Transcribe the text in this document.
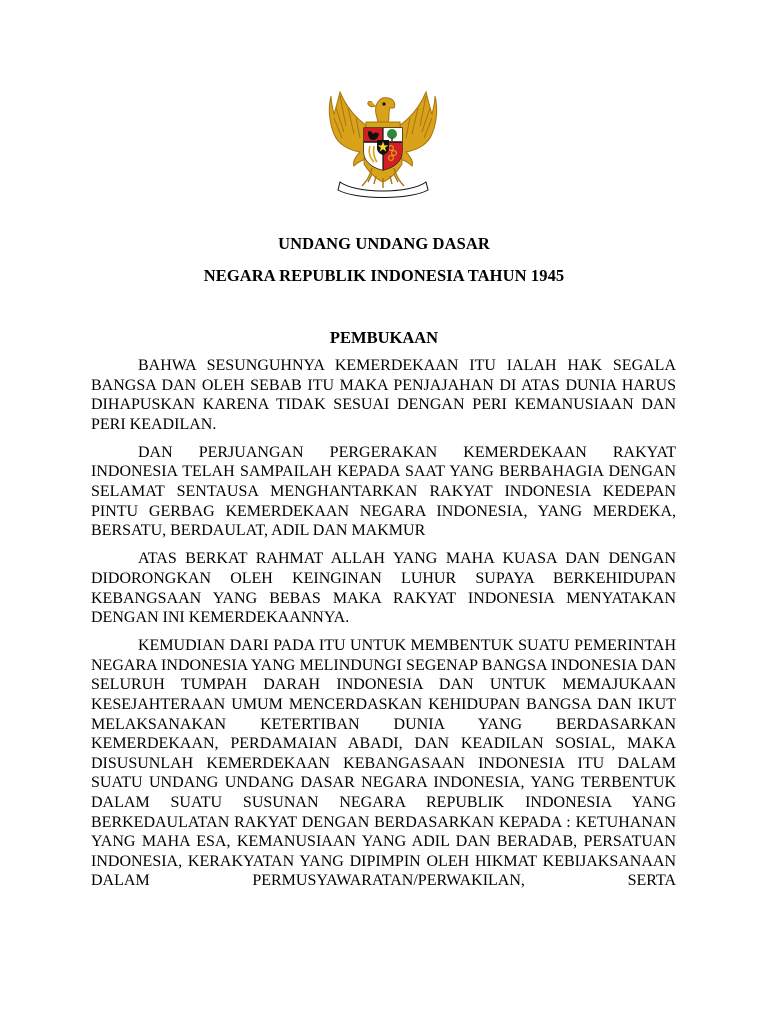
UNDANG UNDANG DASAR
NEGARA REPUBLIK INDONESIA TAHUN 1945
PEMBUKAAN

BAHWA SESUNGUHNYA KEMERDEKAAN ITU IALAH HAK SEGALA BANGSA DAN OLEH SEBAB ITU MAKA PENJAJAHAN DI ATAS DUNIA HARUS DIHAPUSKAN KARENA TIDAK SESUAI DENGAN PERI KEMANUSIAAN DAN PERI KEADILAN.

DAN PERJUANGAN PERGERAKAN KEMERDEKAAN RAKYAT INDONESIA TELAH SAMPAILAH KEPADA SAAT YANG BERBAHAGIA DENGAN SELAMAT SENTAUSA MENGHANTARKAN RAKYAT INDONESIA KEDEPAN PINTU GERBAG KEMERDEKAAN NEGARA INDONESIA, YANG MERDEKA, BERSATU, BERDAULAT, ADIL DAN MAKMUR

ATAS BERKAT RAHMAT ALLAH YANG MAHA KUASA DAN DENGAN DIDORONGKAN OLEH KEINGINAN LUHUR SUPAYA BERKEHIDUPAN KEBANGSAAN YANG BEBAS MAKA RAKYAT INDONESIA MENYATAKAN DENGAN INI KEMERDEKAANNYA.

KEMUDIAN DARI PADA ITU UNTUK MEMBENTUK SUATU PEMERINTAH NEGARA INDONESIA YANG MELINDUNGI SEGENAP BANGSA INDONESIA DAN SELURUH TUMPAH DARAH INDONESIA DAN UNTUK MEMAJUKAAN KESEJAHTERAAN UMUM MENCERDASKAN KEHIDUPAN BANGSA DAN IKUT MELAKSANAKAN KETERTIBAN DUNIA YANG BERDASARKAN KEMERDEKAAN, PERDAMAIAN ABADI, DAN KEADILAN SOSIAL, MAKA DISUSUNLAH KEMERDEKAAN KEBANGASAAN INDONESIA ITU DALAM SUATU UNDANG UNDANG DASAR NEGARA INDONESIA, YANG TERBENTUK DALAM SUATU SUSUNAN NEGARA REPUBLIK INDONESIA YANG BERKEDAULATAN RAKYAT DENGAN BERDASARKAN KEPADA : KETUHANAN YANG MAHA ESA, KEMANUSIAAN YANG ADIL DAN BERADAB, PERSATUAN INDONESIA, KERAKYATAN YANG DIPIMPIN OLEH HIKMAT KEBIJAKSANAAN DALAM PERMUSYAWARATAN/PERWAKILAN, SERTA
